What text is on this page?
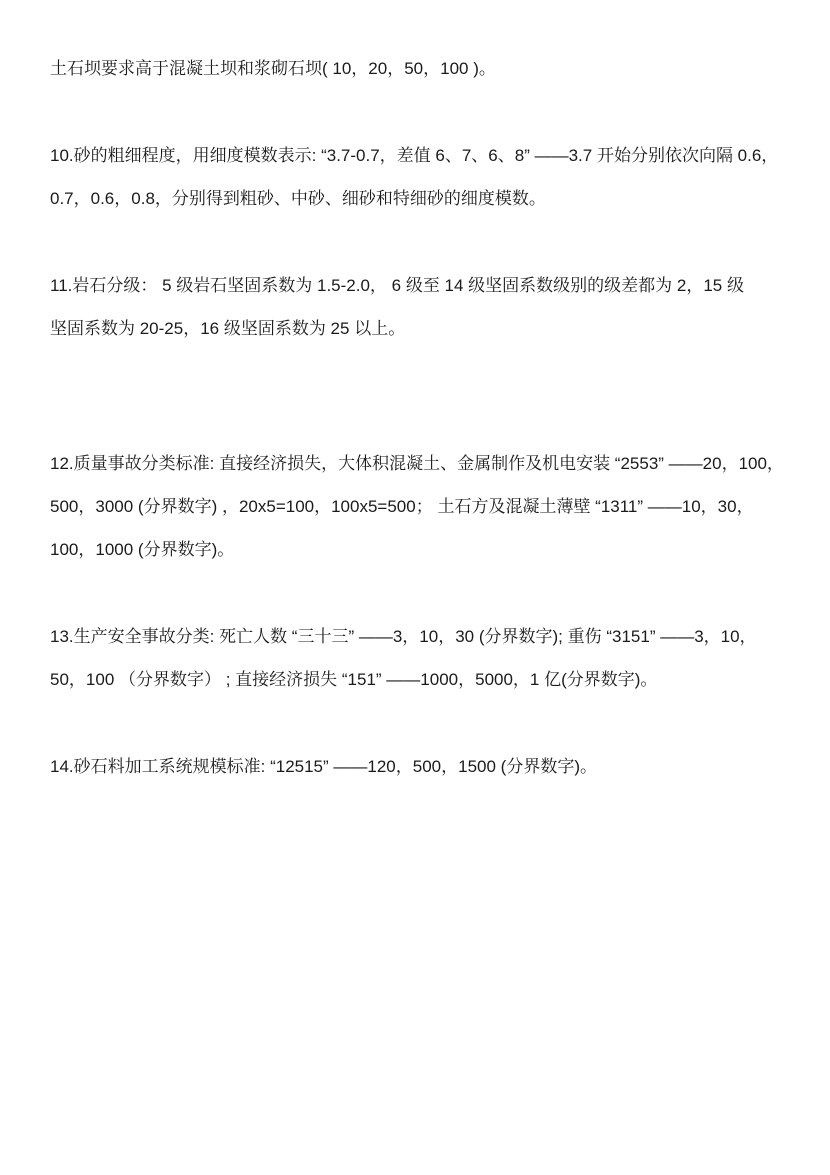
土石坝要求高于混凝土坝和浆砌石坝( 10，20，50，100 )。

10.砂的粗细程度，用细度模数表示: “3.7-0.7，差值 6、7、6、8” ——3.7 开始分别依次向隔 0.6，
0.7，0.6，0.8，分别得到粗砂、中砂、细砂和特细砂的细度模数。

11.岩石分级： 5 级岩石坚固系数为 1.5-2.0， 6 级至 14 级坚固系数级别的级差都为 2，15 级
坚固系数为 20-25，16 级坚固系数为 25 以上。

12.质量事故分类标准: 直接经济损失，大体积混凝土、金属制作及机电安装 “2553” ——20，100，
500，3000 (分界数字) ，20x5=100，100x5=500； 土石方及混凝土薄壁 “1311” ——10，30，
100，1000 (分界数字)。

13.生产安全事故分类: 死亡人数 “三十三” ——3，10，30 (分界数字); 重伤 “3151” ——3，10，
50，100 （分界数字） ; 直接经济损失 “151” ——1000，5000，1 亿(分界数字)。

14.砂石料加工系统规模标准: “12515” ——120，500，1500 (分界数字)。
